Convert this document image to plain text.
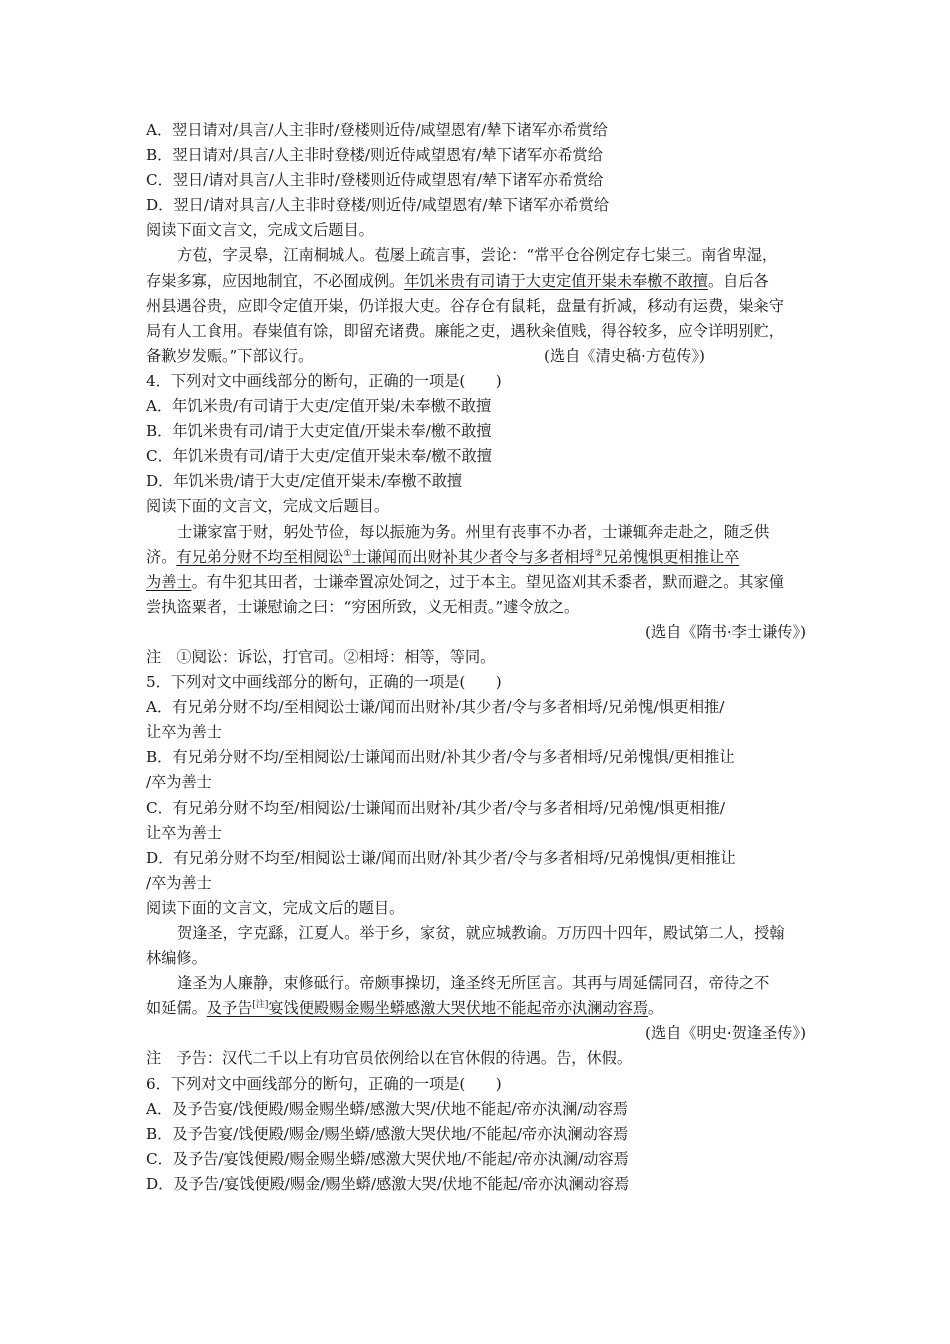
A．翌日请对/具言/人主非时/登楼则近侍/咸望恩宥/辇下诸军亦希赏给
B．翌日请对/具言/人主非时登楼/则近侍咸望恩宥/辇下诸军亦希赏给
C．翌日/请对具言/人主非时/登楼则近侍咸望恩宥/辇下诸军亦希赏给
D．翌日/请对具言/人主非时登楼/则近侍/咸望恩宥/辇下诸军亦希赏给
阅读下面文言文，完成文后题目。
方苞，字灵皋，江南桐城人。苞屡上疏言事，尝论：“常平仓谷例定存七粜三。南省卑湿，
存粜多寡，应因地制宜，不必囿成例。年饥米贵有司请于大吏定值开粜未奉檄不敢擅。自后各
州县遇谷贵，应即令定值开粜，仍详报大吏。谷存仓有鼠耗，盘量有折减，移动有运费，粜籴守
局有人工食用。春粜值有馀，即留充诸费。廉能之吏，遇秋籴值贱，得谷较多，应令详明别贮，
备歉岁发赈。”下部议行。	(选自《清史稿·方苞传》)
4．下列对文中画线部分的断句，正确的一项是(　　)
A．年饥米贵/有司请于大吏/定值开粜/未奉檄不敢擅
B．年饥米贵有司/请于大吏定值/开粜未奉/檄不敢擅
C．年饥米贵有司/请于大吏/定值开粜未奉/檄不敢擅
D．年饥米贵/请于大吏/定值开粜未/奉檄不敢擅
阅读下面的文言文，完成文后题目。
士谦家富于财，躬处节俭，每以振施为务。州里有丧事不办者，士谦辄奔走赴之，随乏供
济。有兄弟分财不均至相阋讼①士谦闻而出财补其少者令与多者相埒②兄弟愧惧更相推让卒
为善士。有牛犯其田者，士谦牵置凉处饲之，过于本主。望见盗刈其禾黍者，默而避之。其家僮
尝执盗粟者，士谦慰谕之曰：“穷困所致，义无相责。”遽令放之。
(选自《隋书·李士谦传》)
注　①阋讼：诉讼，打官司。②相埒：相等，等同。
5．下列对文中画线部分的断句，正确的一项是(　　)
A．有兄弟分财不均/至相阋讼士谦/闻而出财补/其少者/令与多者相埒/兄弟愧/惧更相推/
让卒为善士
B．有兄弟分财不均/至相阋讼/士谦闻而出财/补其少者/令与多者相埒/兄弟愧惧/更相推让
/卒为善士
C．有兄弟分财不均至/相阋讼/士谦闻而出财补/其少者/令与多者相埒/兄弟愧/惧更相推/
让卒为善士
D．有兄弟分财不均至/相阋讼士谦/闻而出财/补其少者/令与多者相埒/兄弟愧惧/更相推让
/卒为善士
阅读下面的文言文，完成文后的题目。
贺逢圣，字克繇，江夏人。举于乡，家贫，就应城教谕。万历四十四年，殿试第二人，授翰
林编修。
逢圣为人廉静，束修砥行。帝颇事操切，逢圣终无所匡言。其再与周延儒同召，帝待之不
如延儒。及予告[注]宴饯便殿赐金赐坐蟒感激大哭伏地不能起帝亦汍澜动容焉。
(选自《明史·贺逢圣传》)
注　予告：汉代二千以上有功官员依例给以在官休假的待遇。告，休假。
6．下列对文中画线部分的断句，正确的一项是(　　)
A．及予告宴/饯便殿/赐金赐坐蟒/感激大哭/伏地不能起/帝亦汍澜/动容焉
B．及予告宴/饯便殿/赐金/赐坐蟒/感激大哭伏地/不能起/帝亦汍澜动容焉
C．及予告/宴饯便殿/赐金赐坐蟒/感激大哭伏地/不能起/帝亦汍澜/动容焉
D．及予告/宴饯便殿/赐金/赐坐蟒/感激大哭/伏地不能起/帝亦汍澜动容焉
